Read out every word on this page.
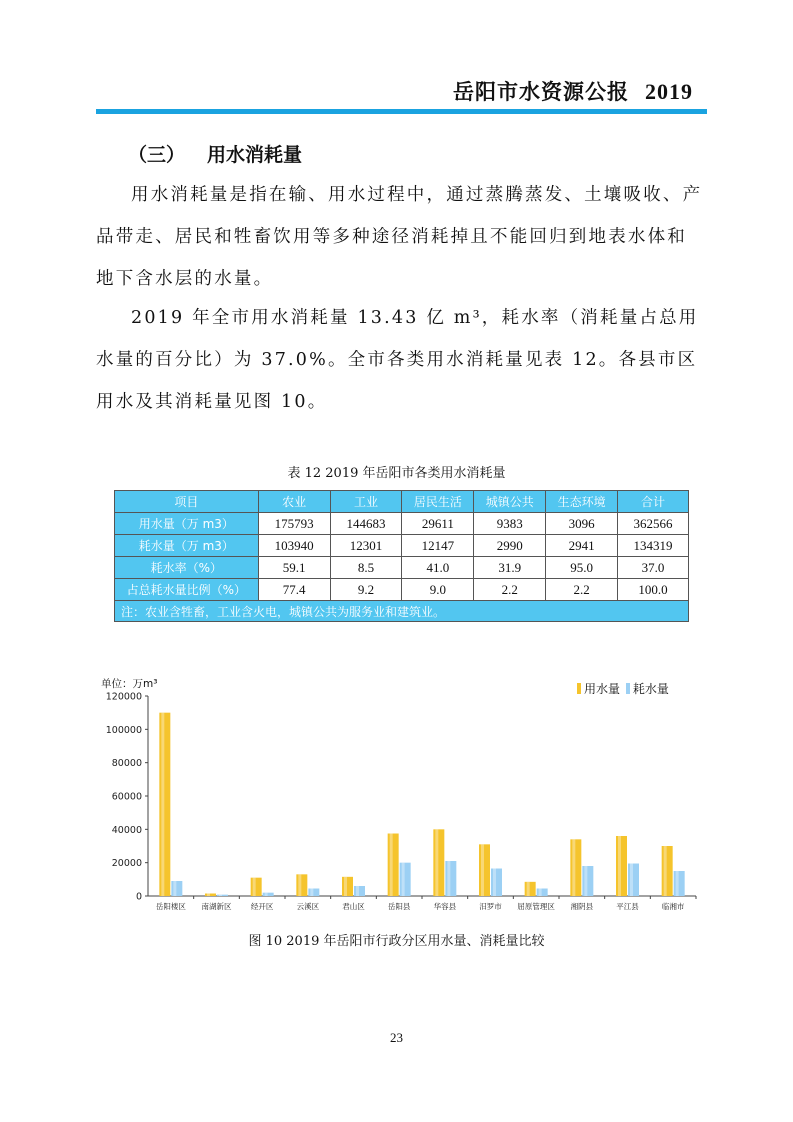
岳阳市水资源公报 2019
（三） 用水消耗量

用水消耗量是指在输、用水过程中，通过蒸腾蒸发、土壤吸收、产品带走、居民和牲畜饮用等多种途径消耗掉且不能回归到地表水体和地下含水层的水量。

2019 年全市用水消耗量 13.43 亿 m³，耗水率（消耗量占总用水量的百分比）为 37.0%。全市各类用水消耗量见表 12。各县市区用水及其消耗量见图 10。

表 12 2019 年岳阳市各类用水消耗量
项目	农业	工业	居民生活	城镇公共	生态环境	合计
用水量（万 m3）	175793	144683	29611	9383	3096	362566
耗水量（万 m3）	103940	12301	12147	2990	2941	134319
耗水率（%）	59.1	8.5	41.0	31.9	95.0	37.0
占总耗水量比例（%）	77.4	9.2	9.0	2.2	2.2	100.0
注：农业含牲畜，工业含火电，城镇公共为服务业和建筑业。						
单位：万m³	用水量 耗水量
0
20000
40000
60000
80000
100000
120000
岳阳楼区 南湖新区	经开区	云溪区	君山区	岳阳县	华容县	汨罗市 屈原管理区 湘阴县	平江县	临湘市
图 10 2019 年岳阳市行政分区用水量、消耗量比较
23
